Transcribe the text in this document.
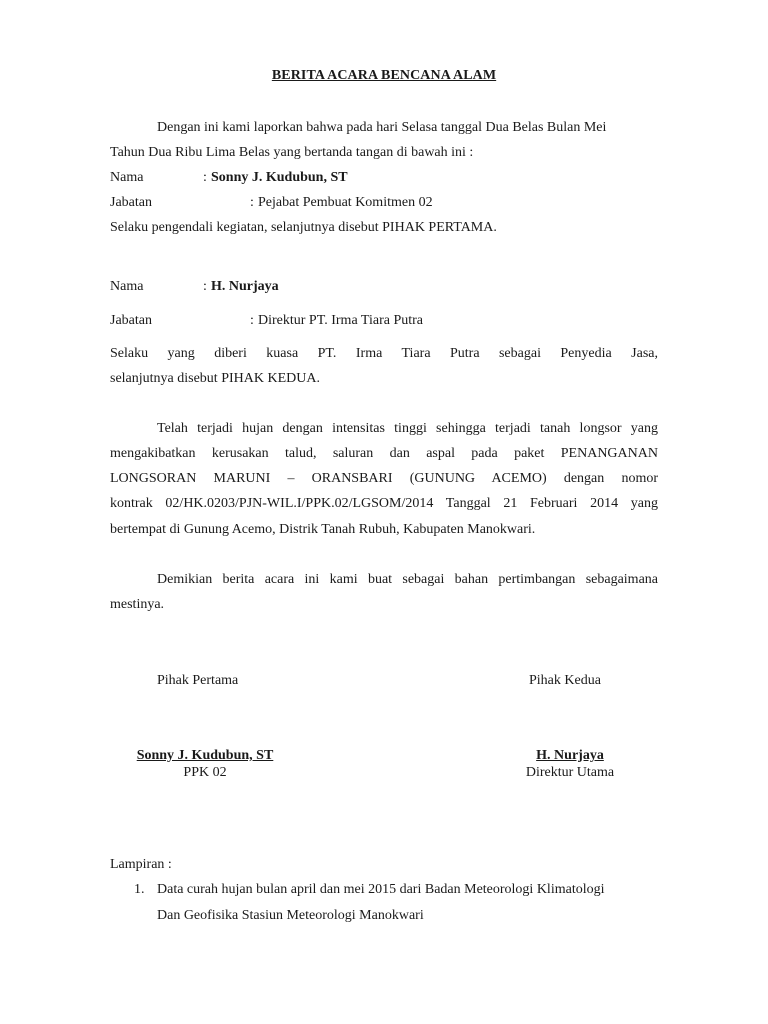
BERITA ACARA BENCANA ALAM
Dengan ini kami laporkan bahwa pada hari Selasa tanggal Dua Belas Bulan Mei
Tahun Dua Ribu Lima Belas yang bertanda tangan di bawah ini :
Nama	: Sonny J. Kudubun, ST
Jabatan	: Pejabat Pembuat Komitmen 02
Selaku pengendali kegiatan, selanjutnya disebut PIHAK PERTAMA.
Nama	: H. Nurjaya
Jabatan	: Direktur PT. Irma Tiara Putra
Selaku yang diberi kuasa PT. Irma Tiara Putra sebagai Penyedia Jasa,
selanjutnya disebut PIHAK KEDUA.
Telah terjadi hujan dengan intensitas tinggi sehingga terjadi tanah longsor yang
mengakibatkan kerusakan talud, saluran dan aspal pada paket PENANGANAN
LONGSORAN MARUNI – ORANSBARI (GUNUNG ACEMO) dengan nomor
kontrak 02/HK.0203/PJN-WIL.I/PPK.02/LGSOM/2014 Tanggal 21 Februari 2014 yang
bertempat di Gunung Acemo, Distrik Tanah Rubuh, Kabupaten Manokwari.
Demikian berita acara ini kami buat sebagai bahan pertimbangan sebagaimana
mestinya.
Pihak Pertama	Pihak Kedua
Sonny J. Kudubun, ST
PPK 02
H. Nurjaya
Direktur Utama
Lampiran :
1. Data curah hujan bulan april dan mei 2015 dari Badan Meteorologi Klimatologi
Dan Geofisika Stasiun Meteorologi Manokwari
